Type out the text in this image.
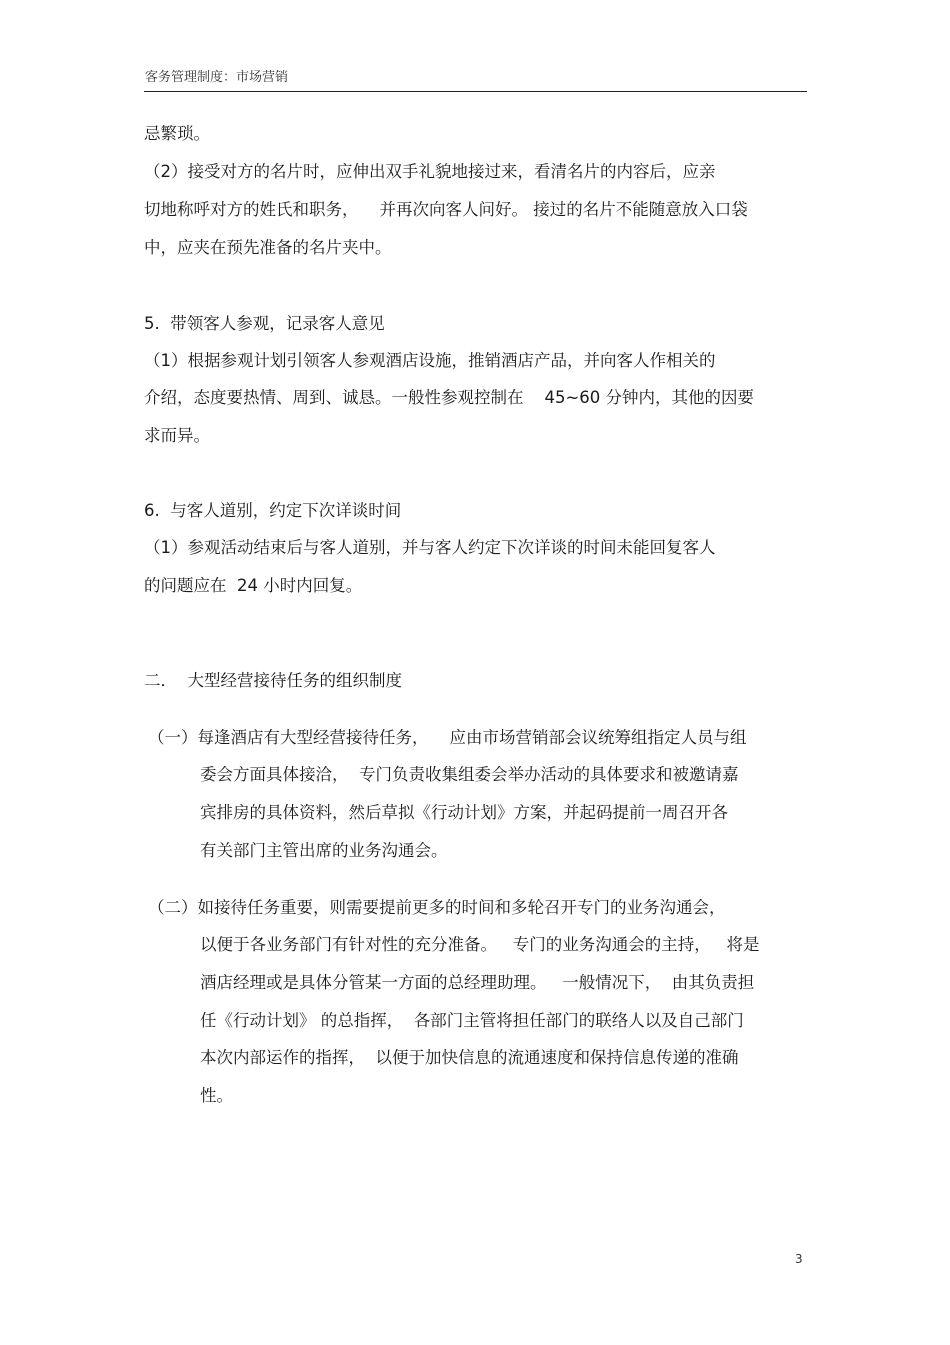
客务管理制度：市场营销
忌繁琐。
（2）接受对方的名片时，应伸出双手礼貌地接过来，看清名片的内容后，应亲
切地称呼对方的姓氏和职务，    并再次向客人问好。 接过的名片不能随意放入口袋
中，应夹在预先准备的名片夹中。
5.  带领客人参观，记录客人意见
（1）根据参观计划引领客人参观酒店设施，推销酒店产品，并向客人作相关的
介绍，态度要热情、周到、诚恳。一般性参观控制在    45~60 分钟内，其他的因要
求而异。
6.  与客人道别，约定下次详谈时间
（1）参观活动结束后与客人道别，并与客人约定下次详谈的时间未能回复客人
的问题应在  24 小时内回复。
二．  大型经营接待任务的组织制度
（一）每逢酒店有大型经营接待任务，    应由市场营销部会议统筹组指定人员与组
委会方面具体接洽，  专门负责收集组委会举办活动的具体要求和被邀请嘉
宾排房的具体资料，然后草拟《行动计划》方案，并起码提前一周召开各
有关部门主管出席的业务沟通会。
（二）如接待任务重要，则需要提前更多的时间和多轮召开专门的业务沟通会，
以便于各业务部门有针对性的充分准备。   专门的业务沟通会的主持，   将是
酒店经理或是具体分管某一方面的总经理助理。   一般情况下，  由其负责担
任《行动计划》 的总指挥，  各部门主管将担任部门的联络人以及自己部门
本次内部运作的指挥，  以便于加快信息的流通速度和保持信息传递的准确
性。
3
